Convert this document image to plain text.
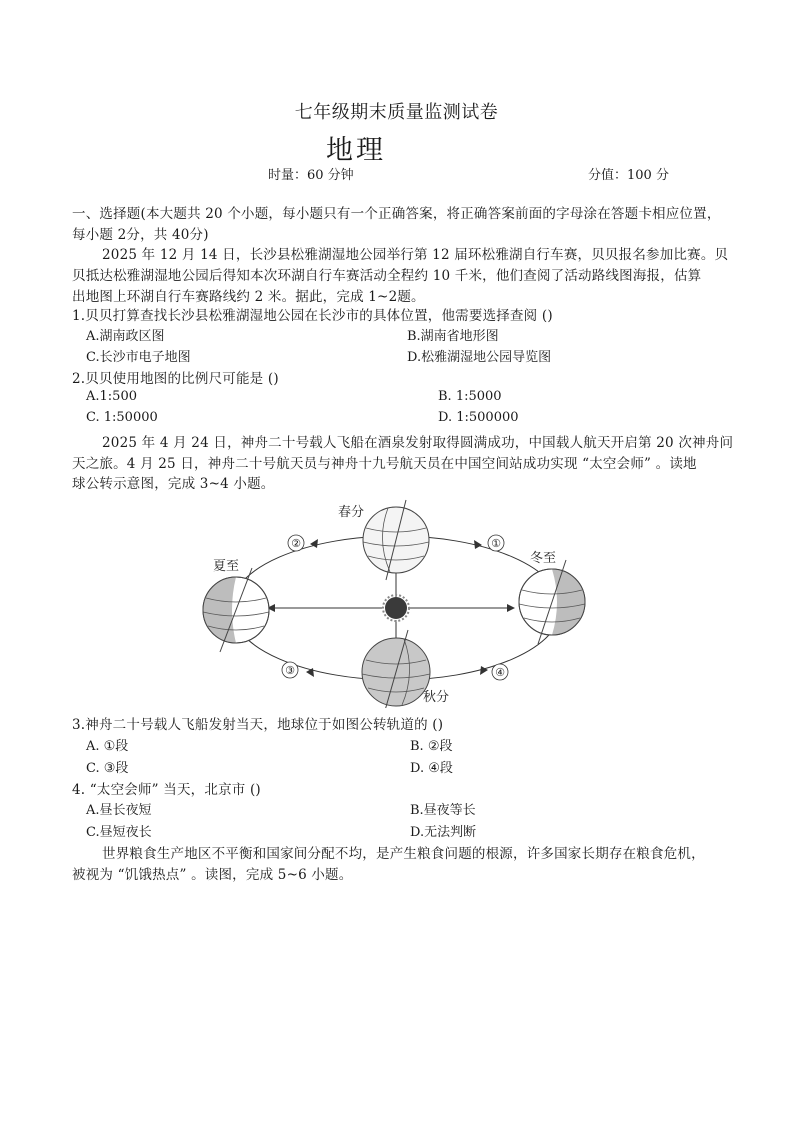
七年级期末质量监测试卷
地理
时量：60 分钟	分值：100 分
一、选择题(本大题共 20 个小题，每小题只有一个正确答案，将正确答案前面的字母涂在答题卡相应位置，
每小题 2分，共 40分)
2025 年 12 月 14 日，长沙县松雅湖湿地公园举行第 12 届环松雅湖自行车赛，贝贝报名参加比赛。贝
贝抵达松雅湖湿地公园后得知本次环湖自行车赛活动全程约 10 千米，他们查阅了活动路线图海报，估算
出地图上环湖自行车赛路线约 2 米。据此，完成 1~2题。
1.贝贝打算查找长沙县松雅湖湿地公园在长沙市的具体位置，他需要选择查阅 ()
A.湖南政区图	B.湖南省地形图
C.长沙市电子地图	D.松雅湖湿地公园导览图
2.贝贝使用地图的比例尺可能是 ()
A.1:500	B. 1:5000
C. 1:50000	D. 1:500000
2025 年 4 月 24 日，神舟二十号载人飞船在酒泉发射取得圆满成功，中国载人航天开启第 20 次神舟问
天之旅。4 月 25 日，神舟二十号航天员与神舟十九号航天员在中国空间站成功实现 “太空会师” 。读地
球公转示意图，完成 3~4 小题。
春分
夏至
冬至
秋分
②	①
③	④
3.神舟二十号载人飞船发射当天，地球位于如图公转轨道的 ()
A. ①段	B. ②段
C. ③段	D. ④段
4. “太空会师” 当天，北京市 ()
A.昼长夜短	B.昼夜等长
C.昼短夜长	D.无法判断
世界粮食生产地区不平衡和国家间分配不均，是产生粮食问题的根源，许多国家长期存在粮食危机，
被视为 “饥饿热点” 。读图，完成 5~6 小题。
